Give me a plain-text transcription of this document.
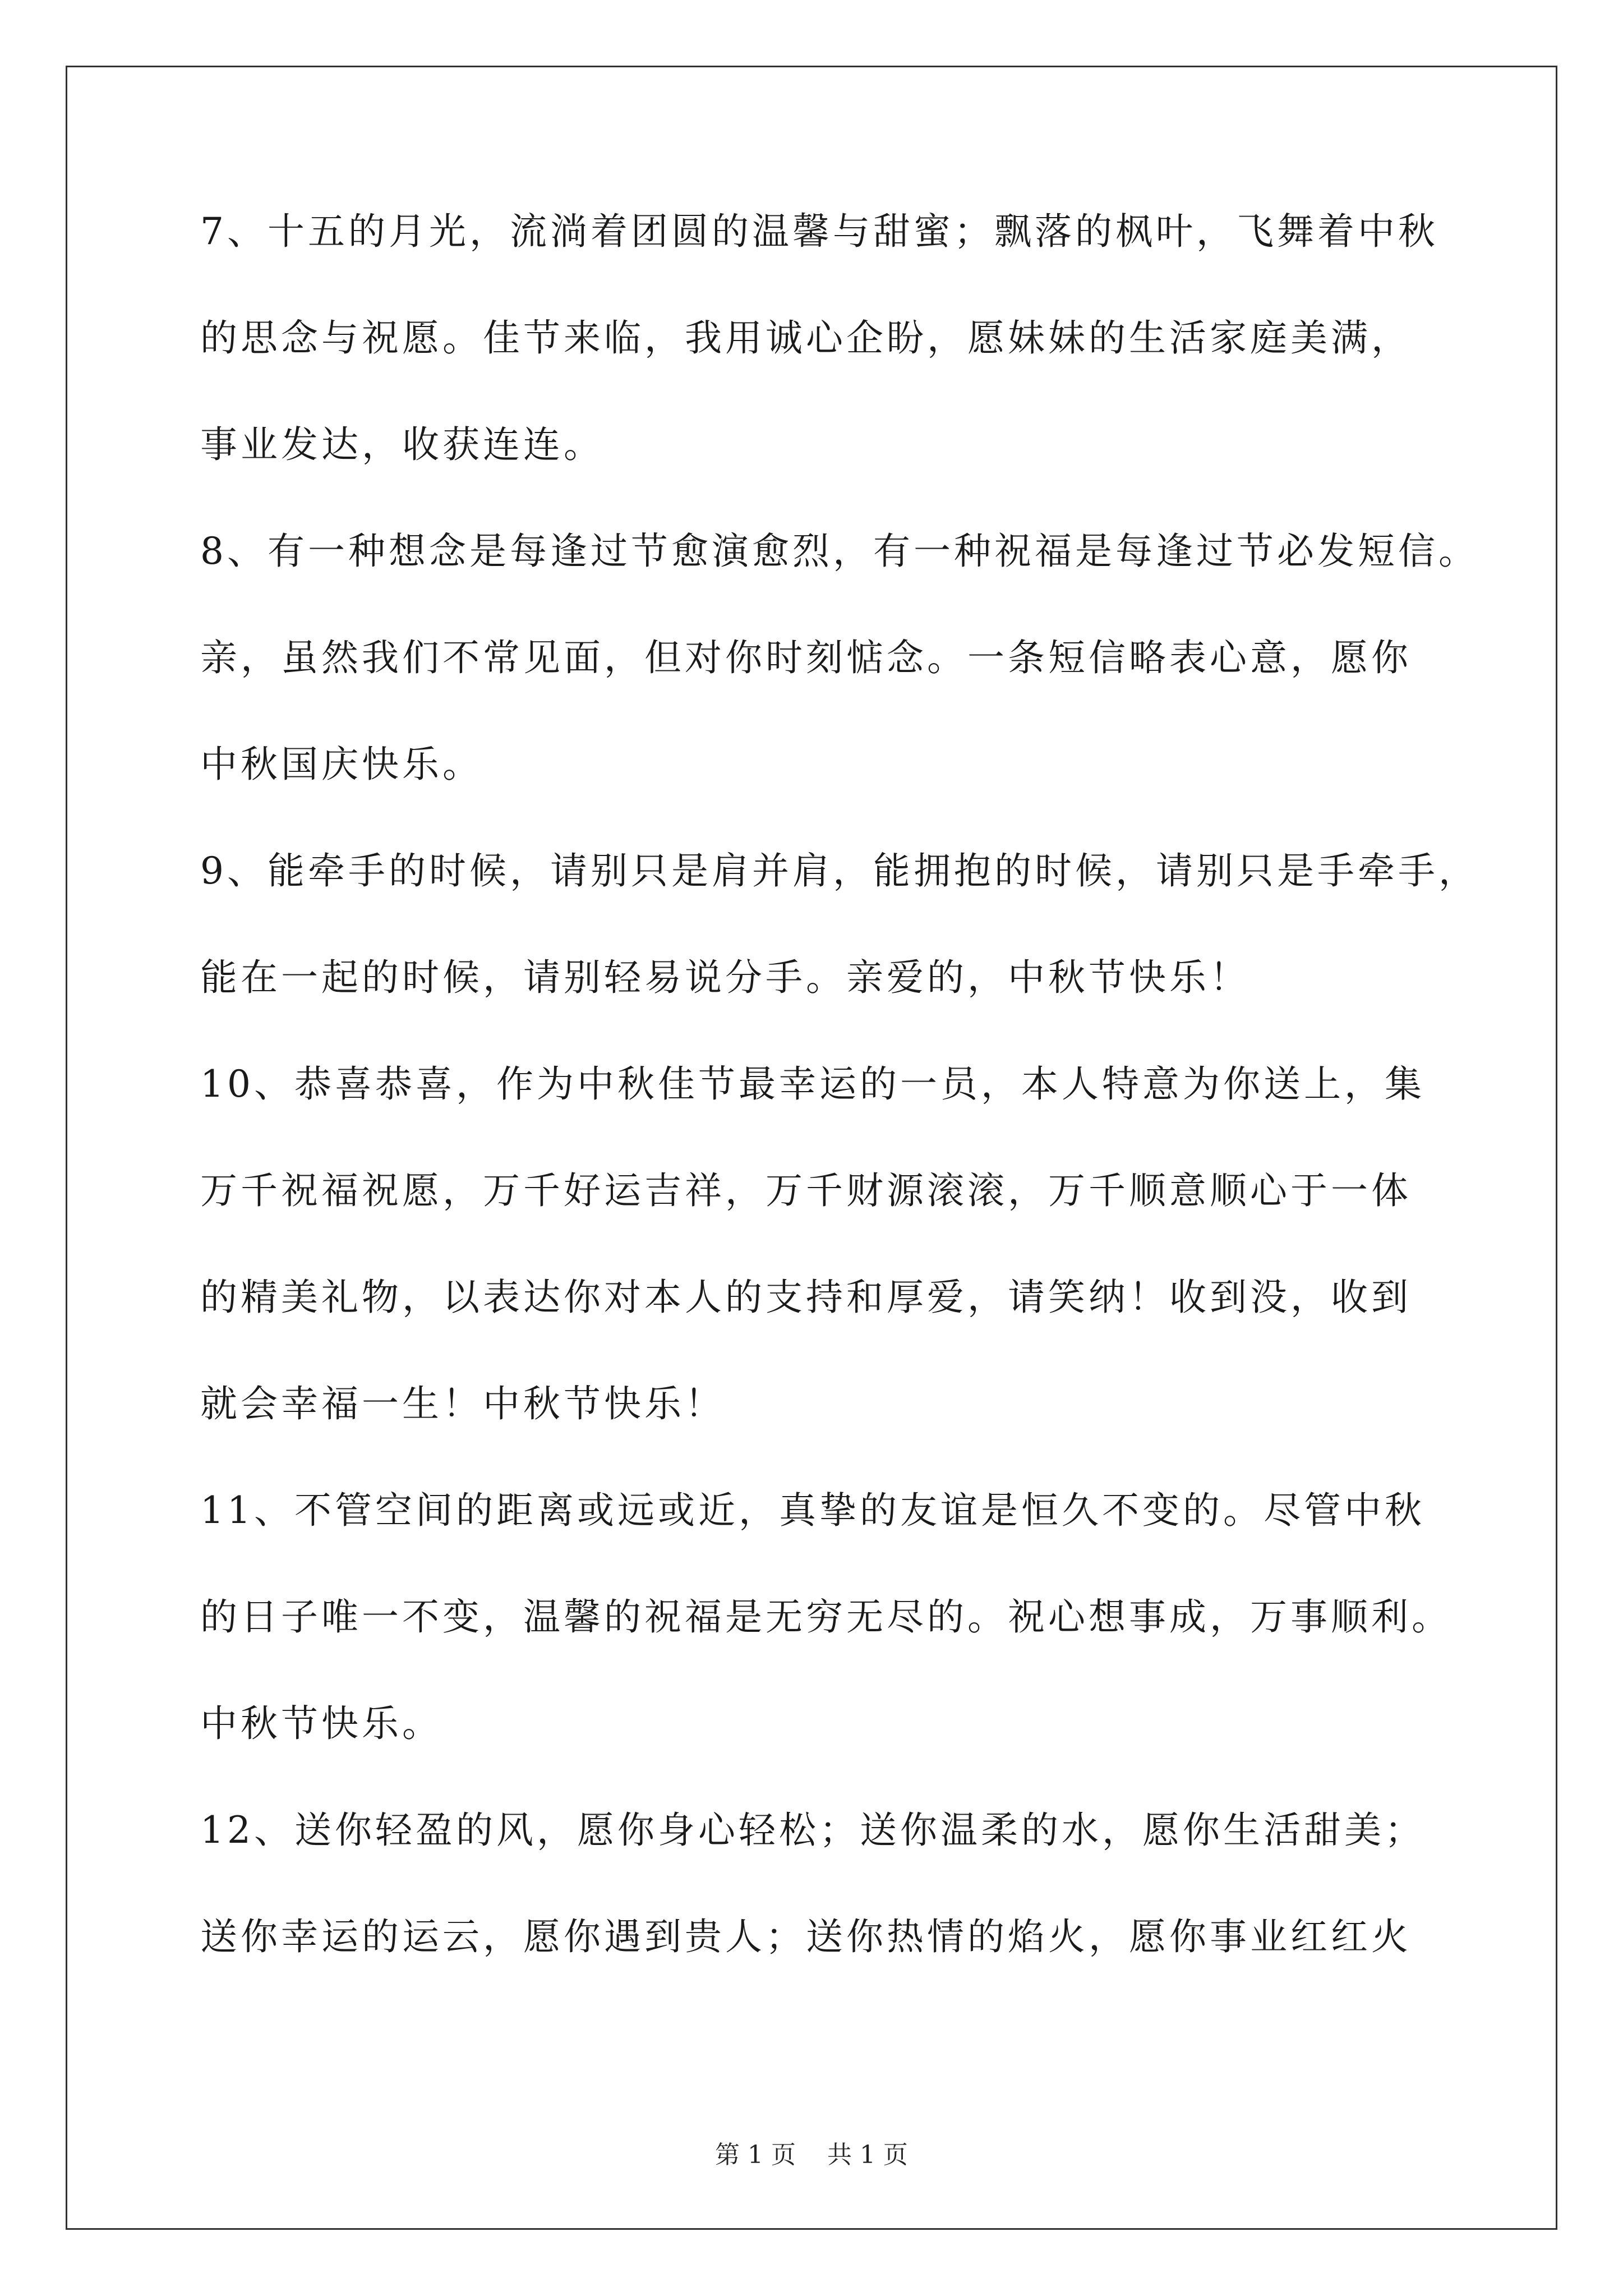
7、十五的月光，流淌着团圆的温馨与甜蜜；飘落的枫叶，飞舞着中秋
的思念与祝愿。佳节来临，我用诚心企盼，愿妹妹的生活家庭美满，
事业发达，收获连连。
8、有一种想念是每逢过节愈演愈烈，有一种祝福是每逢过节必发短信。
亲，虽然我们不常见面，但对你时刻惦念。一条短信略表心意，愿你
中秋国庆快乐。
9、能牵手的时候，请别只是肩并肩，能拥抱的时候，请别只是手牵手，
能在一起的时候，请别轻易说分手。亲爱的，中秋节快乐！
10、恭喜恭喜，作为中秋佳节最幸运的一员，本人特意为你送上，集
万千祝福祝愿，万千好运吉祥，万千财源滚滚，万千顺意顺心于一体
的精美礼物，以表达你对本人的支持和厚爱，请笑纳！收到没，收到
就会幸福一生！中秋节快乐！
11、不管空间的距离或远或近，真挚的友谊是恒久不变的。尽管中秋
的日子唯一不变，温馨的祝福是无穷无尽的。祝心想事成，万事顺利。
中秋节快乐。
12、送你轻盈的风，愿你身心轻松；送你温柔的水，愿你生活甜美；
送你幸运的运云，愿你遇到贵人；送你热情的焰火，愿你事业红红火
第 1 页    共 1 页
